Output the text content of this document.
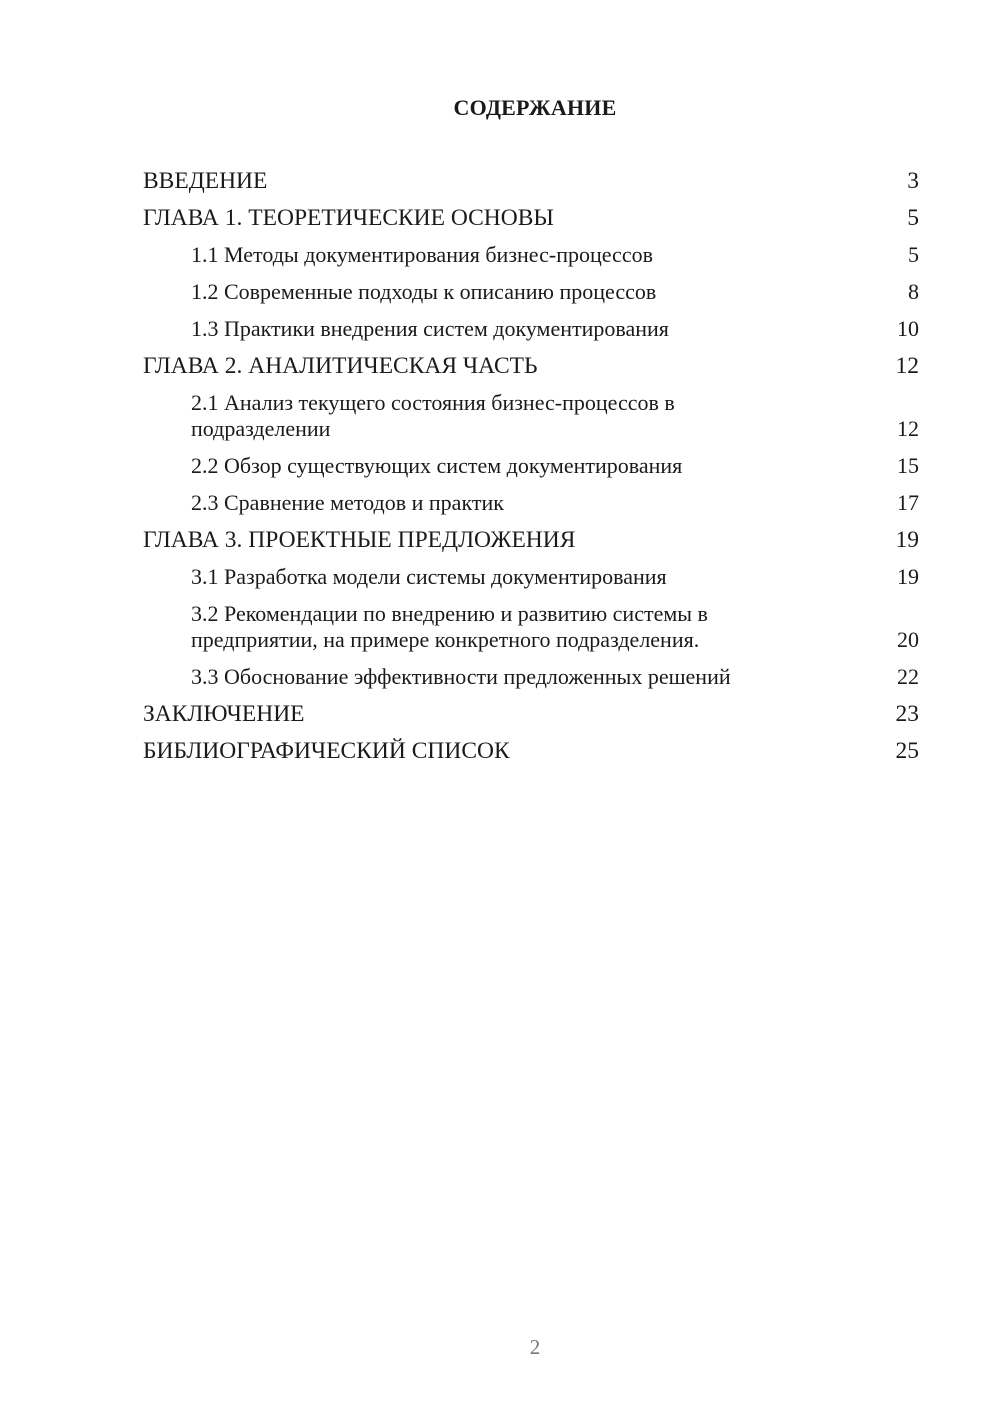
СОДЕРЖАНИЕ
ВВЕДЕНИЕ	3
ГЛАВА 1. ТЕОРЕТИЧЕСКИЕ ОСНОВЫ	5
1.1 Методы документирования бизнес-процессов	5
1.2 Современные подходы к описанию процессов	8
1.3 Практики внедрения систем документирования	10
ГЛАВА 2. АНАЛИТИЧЕСКАЯ ЧАСТЬ	12
2.1 Анализ текущего состояния бизнес-процессов в подразделении	12
2.2 Обзор существующих систем документирования	15
2.3 Сравнение методов и практик	17
ГЛАВА 3. ПРОЕКТНЫЕ ПРЕДЛОЖЕНИЯ	19
3.1 Разработка модели системы документирования	19
3.2 Рекомендации по внедрению и развитию системы в предприятии, на примере конкретного подразделения.	20
3.3 Обоснование эффективности предложенных решений	22
ЗАКЛЮЧЕНИЕ	23
БИБЛИОГРАФИЧЕСКИЙ СПИСОК	25
2
